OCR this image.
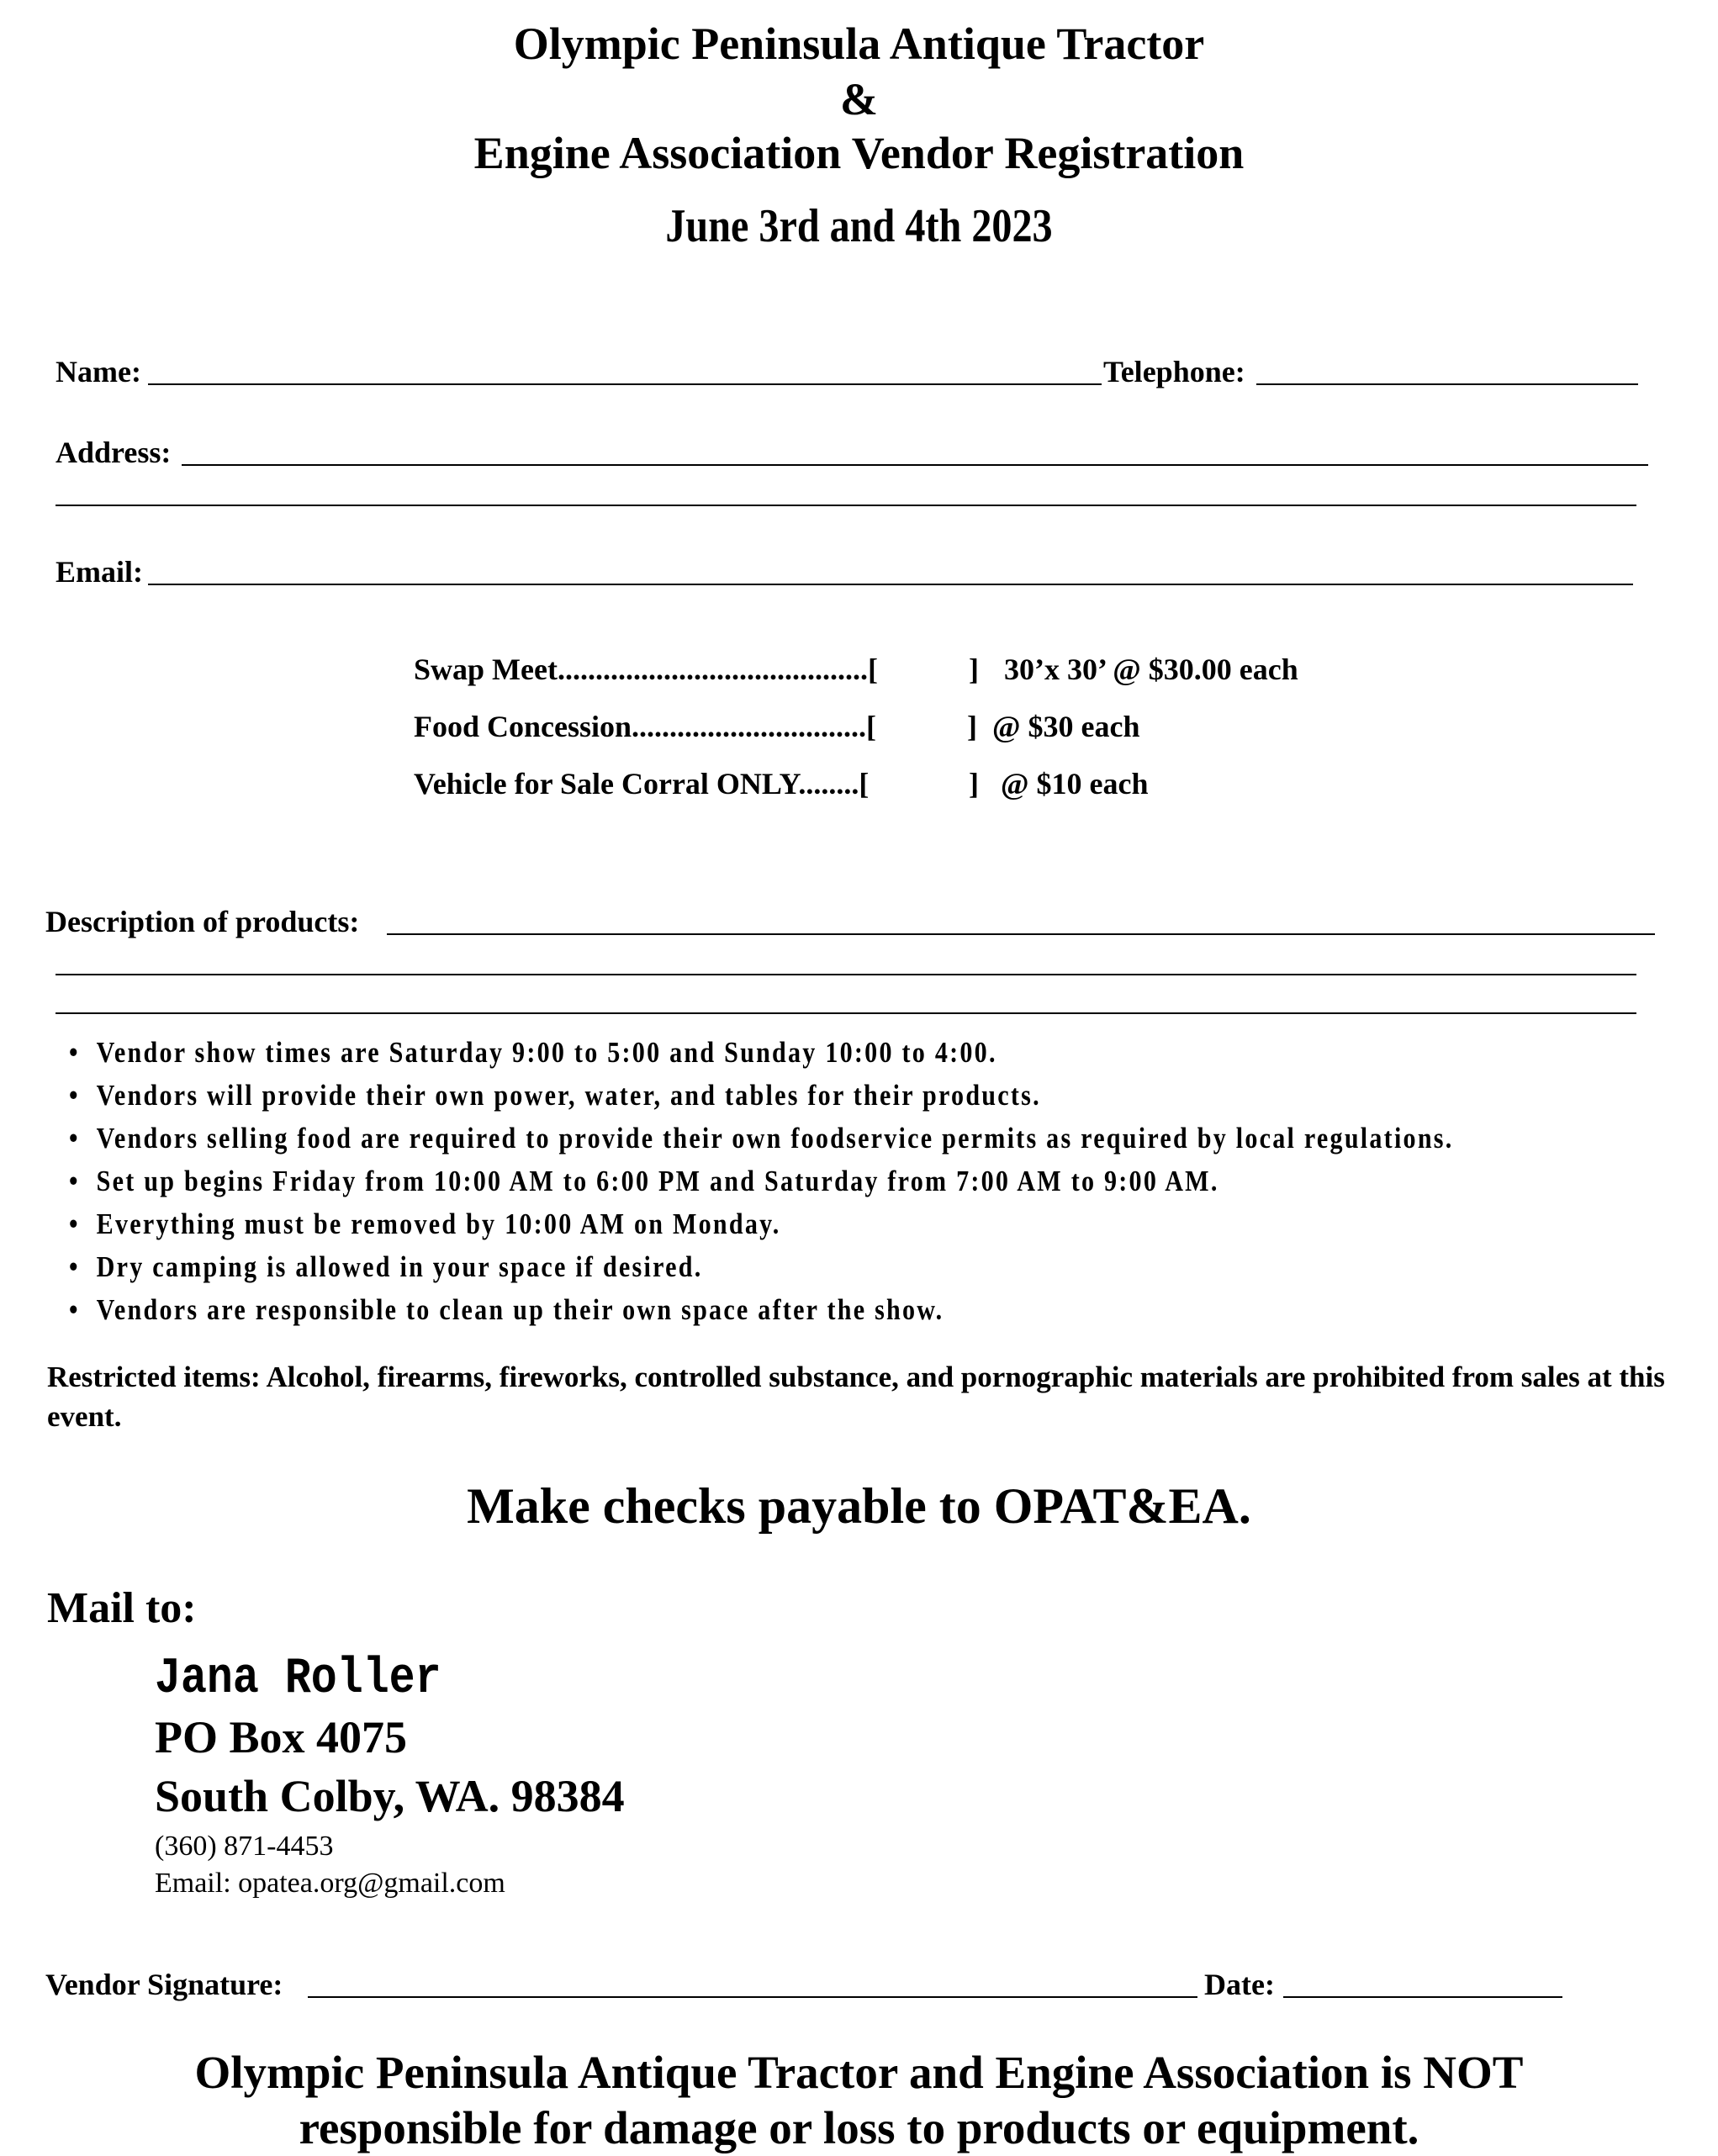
Olympic Peninsula Antique Tractor
&
Engine Association Vendor Registration
June 3rd and 4th 2023
Name:	Telephone:
Address:
Email:
Swap Meet.........................................[	] 30’x 30’ @ $30.00 each
Food Concession...............................[	] @ $30 each
Vehicle for Sale Corral ONLY........[	] @ $10 each
Description of products:
• Vendor show times are Saturday 9:00 to 5:00 and Sunday 10:00 to 4:00.
• Vendors will provide their own power, water, and tables for their products.
• Vendors selling food are required to provide their own foodservice permits as required by local regulations.
• Set up begins Friday from 10:00 AM to 6:00 PM and Saturday from 7:00 AM to 9:00 AM.
• Everything must be removed by 10:00 AM on Monday.
• Dry camping is allowed in your space if desired.
• Vendors are responsible to clean up their own space after the show.
Restricted items: Alcohol, firearms, fireworks, controlled substance, and pornographic materials are prohibited from sales at this event.
Make checks payable to OPAT&EA.
Mail to:
Jana Roller
PO Box 4075
South Colby, WA. 98384
(360) 871-4453
Email: opatea.org@gmail.com
Vendor Signature:	Date:
Olympic Peninsula Antique Tractor and Engine Association is NOT
responsible for damage or loss to products or equipment.
